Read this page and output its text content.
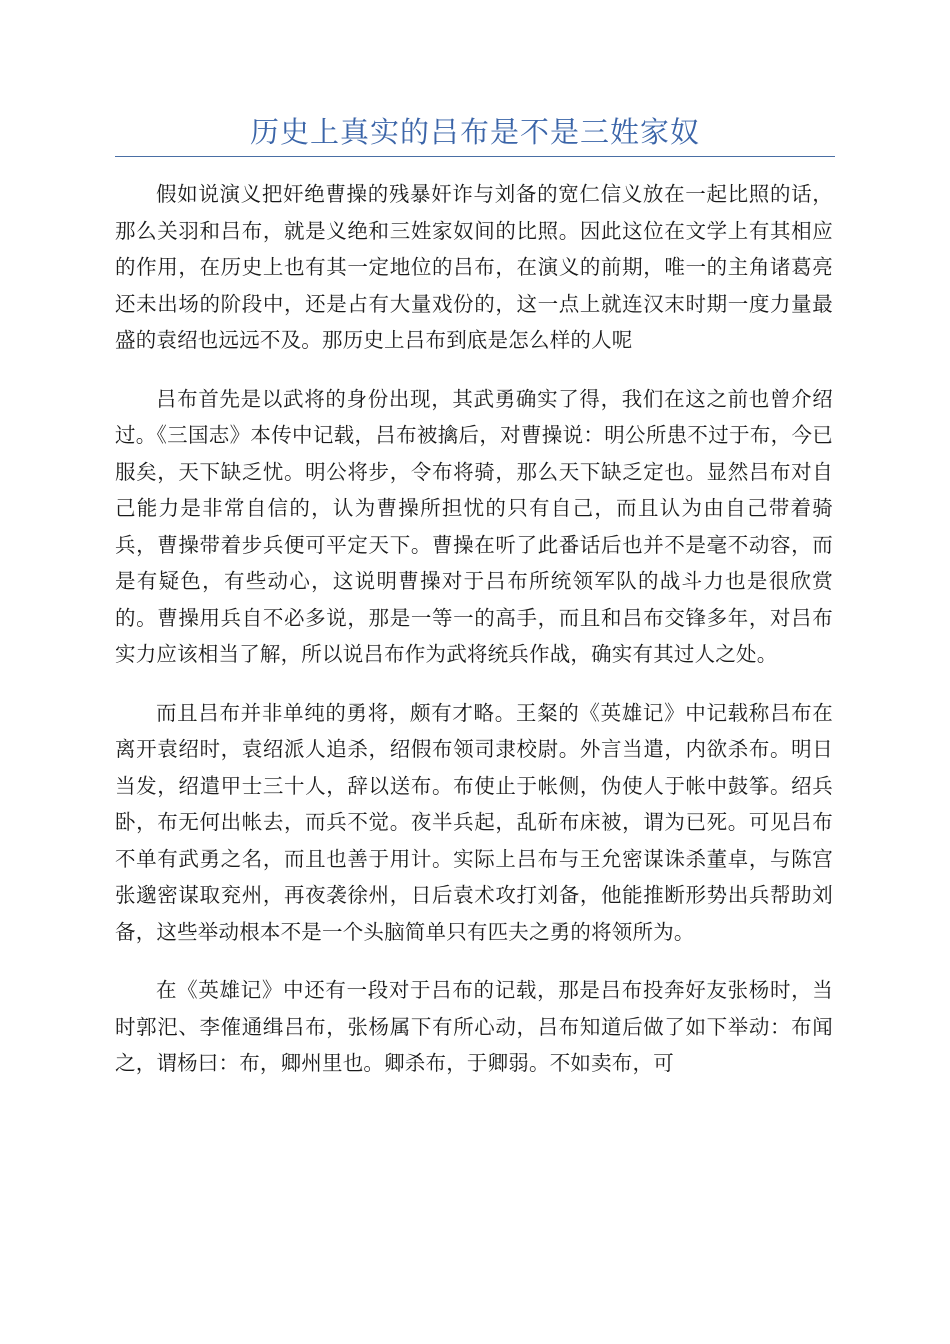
历史上真实的吕布是不是三姓家奴

假如说演义把奸绝曹操的残暴奸诈与刘备的宽仁信义放在一起比照的话，那么关羽和吕布，就是义绝和三姓家奴间的比照。因此这位在文学上有其相应的作用，在历史上也有其一定地位的吕布，在演义的前期，唯一的主角诸葛亮还未出场的阶段中，还是占有大量戏份的，这一点上就连汉末时期一度力量最盛的袁绍也远远不及。那历史上吕布到底是怎么样的人呢

吕布首先是以武将的身份出现，其武勇确实了得，我们在这之前也曾介绍过。《三国志》本传中记载，吕布被擒后，对曹操说：明公所患不过于布，今已服矣，天下缺乏忧。明公将步，令布将骑，那么天下缺乏定也。显然吕布对自己能力是非常自信的，认为曹操所担忧的只有自己，而且认为由自己带着骑兵，曹操带着步兵便可平定天下。曹操在听了此番话后也并不是毫不动容，而是有疑色，有些动心，这说明曹操对于吕布所统领军队的战斗力也是很欣赏的。曹操用兵自不必多说，那是一等一的高手，而且和吕布交锋多年，对吕布实力应该相当了解，所以说吕布作为武将统兵作战，确实有其过人之处。

而且吕布并非单纯的勇将，颇有才略。王粲的《英雄记》中记载称吕布在离开袁绍时，袁绍派人追杀，绍假布领司隶校尉。外言当遣，内欲杀布。明日当发，绍遣甲士三十人，辞以送布。布使止于帐侧，伪使人于帐中鼓筝。绍兵卧，布无何出帐去，而兵不觉。夜半兵起，乱斫布床被，谓为已死。可见吕布不单有武勇之名，而且也善于用计。实际上吕布与王允密谋诛杀董卓，与陈宫张邈密谋取兖州，再夜袭徐州，日后袁术攻打刘备，他能推断形势出兵帮助刘备，这些举动根本不是一个头脑简单只有匹夫之勇的将领所为。

在《英雄记》中还有一段对于吕布的记载，那是吕布投奔好友张杨时，当时郭汜、李傕通缉吕布，张杨属下有所心动，吕布知道后做了如下举动：布闻之，谓杨曰：布，卿州里也。卿杀布，于卿弱。不如卖布，可
